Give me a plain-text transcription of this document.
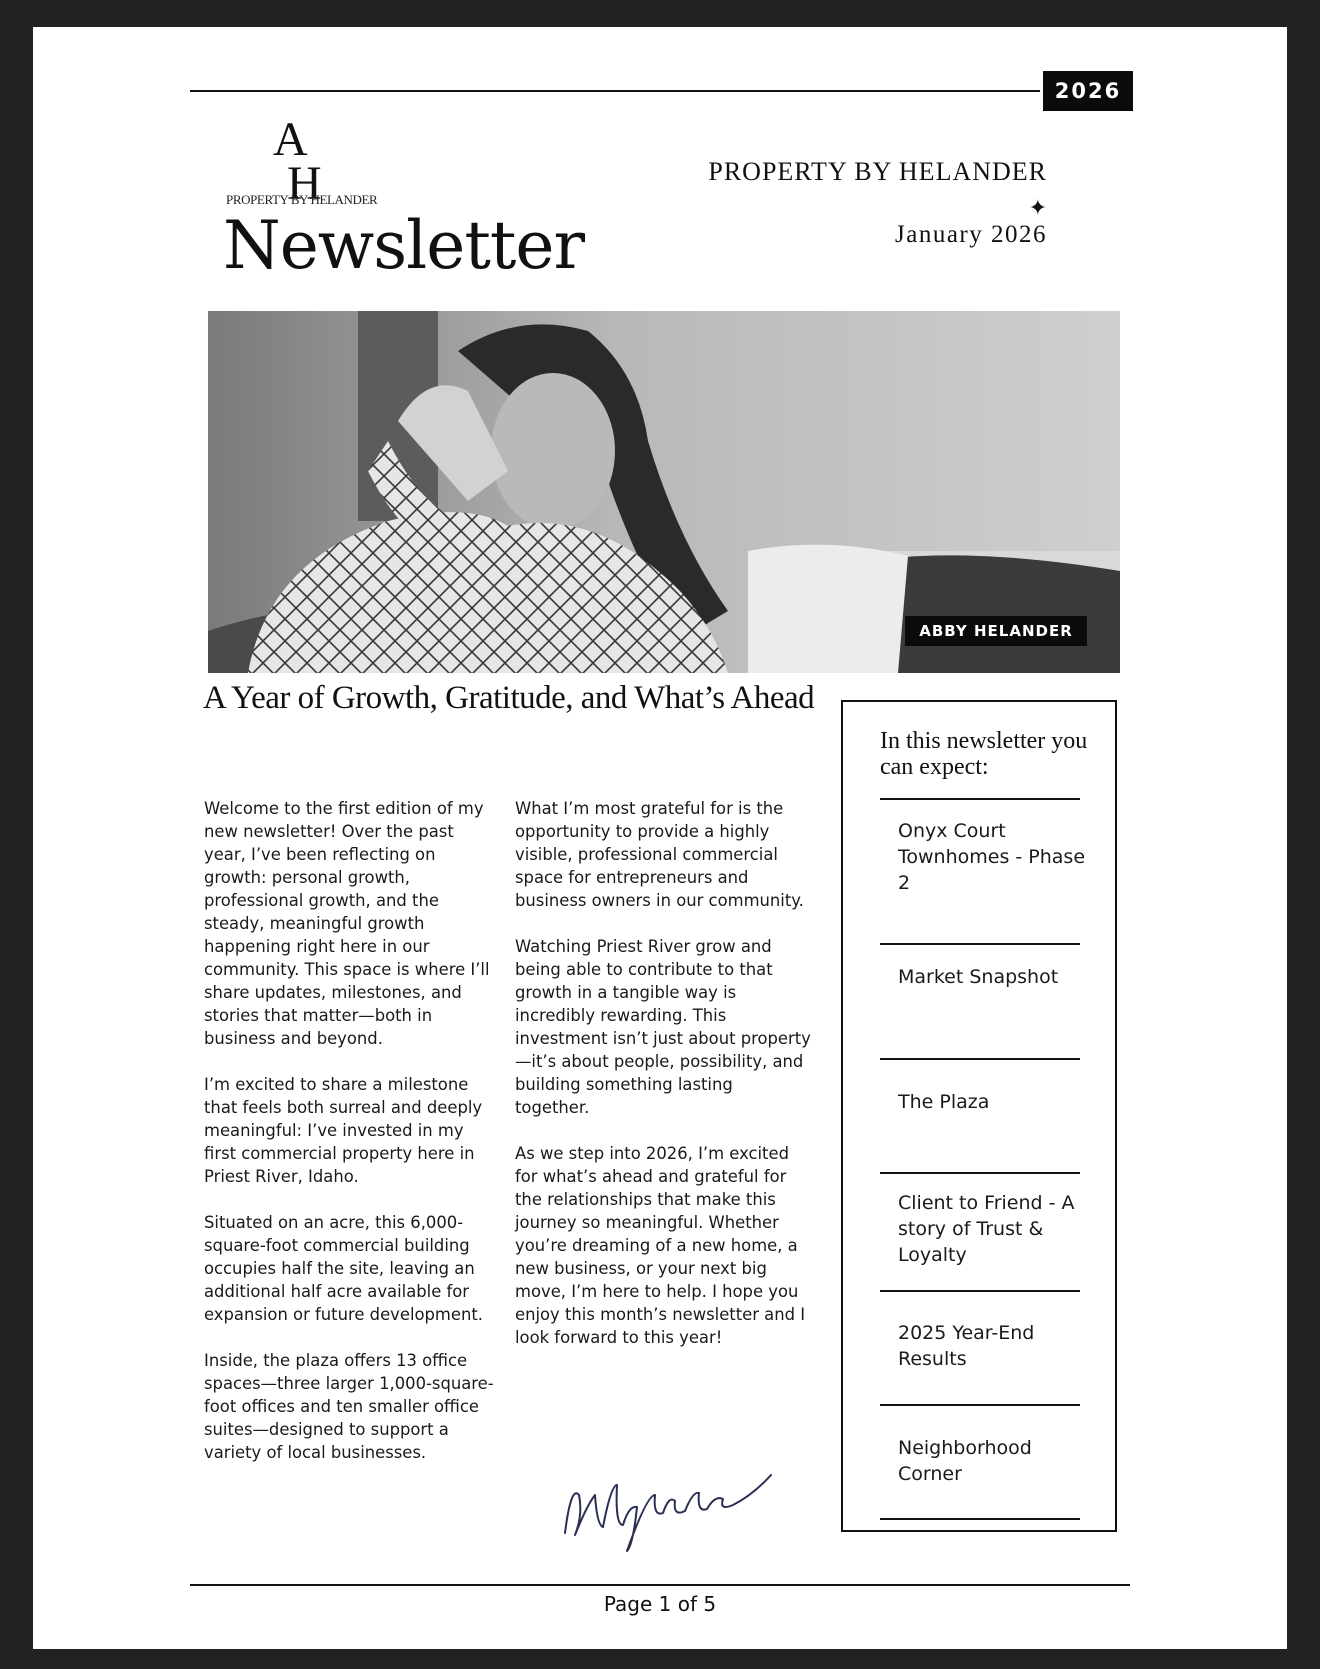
2026
A
H
PROPERTY BY HELANDER
Newsletter
PROPERTY BY HELANDER
✦
January 2026
ABBY HELANDER
A Year of Growth, Gratitude, and What’s Ahead

Welcome to the first edition of my new newsletter! Over the past year, I’ve been reflecting on growth: personal growth, professional growth, and the steady, meaningful growth happening right here in our community. This space is where I’ll share updates, milestones, and stories that matter—both in business and beyond.

I’m excited to share a milestone that feels both surreal and deeply meaningful: I’ve invested in my first commercial property here in Priest River, Idaho.

Situated on an acre, this 6,000-square-foot commercial building occupies half the site, leaving an additional half acre available for expansion or future development.

Inside, the plaza offers 13 office spaces—three larger 1,000-square-foot offices and ten smaller office suites—designed to support a variety of local businesses.

What I’m most grateful for is the opportunity to provide a highly visible, professional commercial space for entrepreneurs and business owners in our community.

Watching Priest River grow and being able to contribute to that growth in a tangible way is incredibly rewarding. This investment isn’t just about property—it’s about people, possibility, and building something lasting together.

As we step into 2026, I’m excited for what’s ahead and grateful for the relationships that make this journey so meaningful. Whether you’re dreaming of a new home, a new business, or your next big move, I’m here to help. I hope you enjoy this month’s newsletter and I look forward to this year!

In this newsletter you can expect:
Onyx Court Townhomes - Phase 2
Market Snapshot
The Plaza
Client to Friend - A story of Trust & Loyalty
2025 Year-End Results
Neighborhood Corner
Page 1 of 5
